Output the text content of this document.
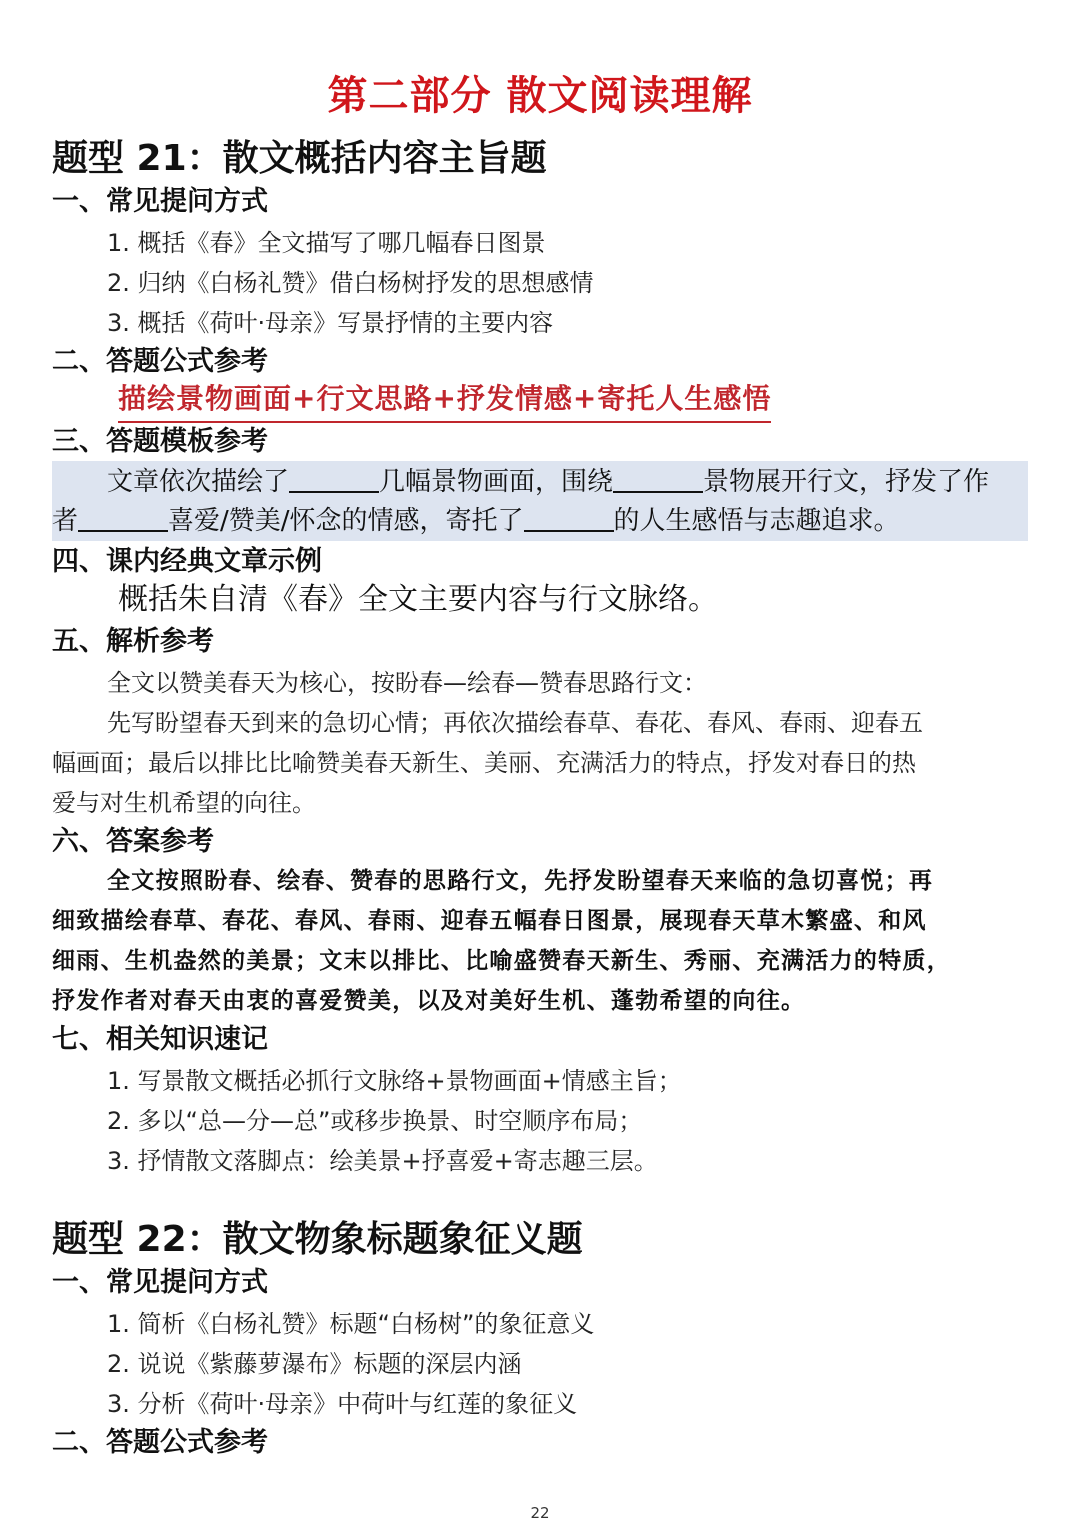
第二部分 散文阅读理解
题型 21：散文概括内容主旨题
一、常见提问方式
1. 概括《春》全文描写了哪几幅春日图景
2. 归纳《白杨礼赞》借白杨树抒发的思想感情
3. 概括《荷叶·母亲》写景抒情的主要内容
二、答题公式参考
描绘景物画面+行文思路+抒发情感+寄托人生感悟
三、答题模板参考
文章依次描绘了	几幅景物画面，围绕	景物展开行文，抒发了作
者	喜爱/赞美/怀念的情感，寄托了	的人生感悟与志趣追求。
四、课内经典文章示例
概括朱自清《春》全文主要内容与行文脉络。
五、解析参考
全文以赞美春天为核心，按盼春—绘春—赞春思路行文：
先写盼望春天到来的急切心情；再依次描绘春草、春花、春风、春雨、迎春五
幅画面；最后以排比比喻赞美春天新生、美丽、充满活力的特点，抒发对春日的热
爱与对生机希望的向往。
六、答案参考
全文按照盼春、绘春、赞春的思路行文，先抒发盼望春天来临的急切喜悦；再
细致描绘春草、春花、春风、春雨、迎春五幅春日图景，展现春天草木繁盛、和风
细雨、生机盎然的美景；文末以排比、比喻盛赞春天新生、秀丽、充满活力的特质，
抒发作者对春天由衷的喜爱赞美，以及对美好生机、蓬勃希望的向往。
七、相关知识速记
1. 写景散文概括必抓行文脉络+景物画面+情感主旨；
2. 多以“总—分—总”或移步换景、时空顺序布局；
3. 抒情散文落脚点：绘美景+抒喜爱+寄志趣三层。
题型 22：散文物象标题象征义题
一、常见提问方式
1. 简析《白杨礼赞》标题“白杨树”的象征意义
2. 说说《紫藤萝瀑布》标题的深层内涵
3. 分析《荷叶·母亲》中荷叶与红莲的象征义
二、答题公式参考
22
